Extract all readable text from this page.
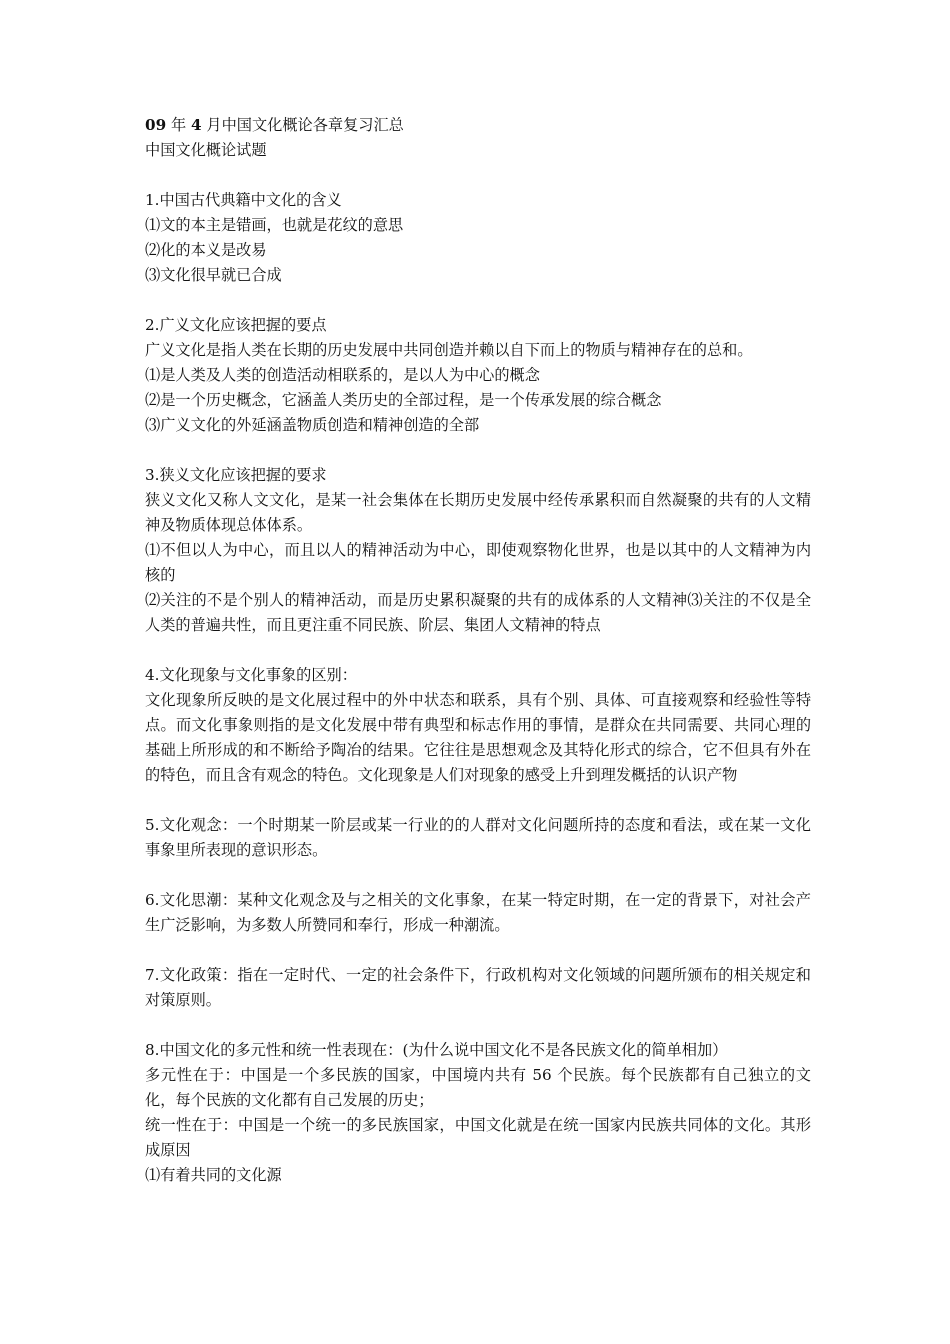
09 年 4 月中国文化概论各章复习汇总
中国文化概论试题
1.中国古代典籍中文化的含义
⑴文的本主是错画，也就是花纹的意思
⑵化的本义是改易
⑶文化很早就已合成
2.广义文化应该把握的要点
广义文化是指人类在长期的历史发展中共同创造并赖以自下而上的物质与精神存在的总和。
⑴是人类及人类的创造活动相联系的，是以人为中心的概念
⑵是一个历史概念，它涵盖人类历史的全部过程，是一个传承发展的综合概念
⑶广义文化的外延涵盖物质创造和精神创造的全部
3.狭义文化应该把握的要求
狭义文化又称人文文化，是某一社会集体在长期历史发展中经传承累积而自然凝聚的共有的人文精神及物质体现总体体系。
⑴不但以人为中心，而且以人的精神活动为中心，即使观察物化世界，也是以其中的人文精神为内核的
⑵关注的不是个别人的精神活动，而是历史累积凝聚的共有的成体系的人文精神⑶关注的不仅是全人类的普遍共性，而且更注重不同民族、阶层、集团人文精神的特点
4.文化现象与文化事象的区别：
文化现象所反映的是文化展过程中的外中状态和联系，具有个别、具体、可直接观察和经验性等特点。而文化事象则指的是文化发展中带有典型和标志作用的事情，是群众在共同需要、共同心理的基础上所形成的和不断给予陶冶的结果。它往往是思想观念及其特化形式的综合，它不但具有外在的特色，而且含有观念的特色。文化现象是人们对现象的感受上升到理发概括的认识产物
5.文化观念：一个时期某一阶层或某一行业的的人群对文化问题所持的态度和看法，或在某一文化事象里所表现的意识形态。
6.文化思潮：某种文化观念及与之相关的文化事象，在某一特定时期，在一定的背景下，对社会产生广泛影响，为多数人所赞同和奉行，形成一种潮流。
7.文化政策：指在一定时代、一定的社会条件下，行政机构对文化领域的问题所颁布的相关规定和对策原则。
8.中国文化的多元性和统一性表现在：(为什么说中国文化不是各民族文化的简单相加）
多元性在于：中国是一个多民族的国家，中国境内共有 56 个民族。每个民族都有自己独立的文化，每个民族的文化都有自己发展的历史；
统一性在于：中国是一个统一的多民族国家，中国文化就是在统一国家内民族共同体的文化。其形成原因
⑴有着共同的文化源
